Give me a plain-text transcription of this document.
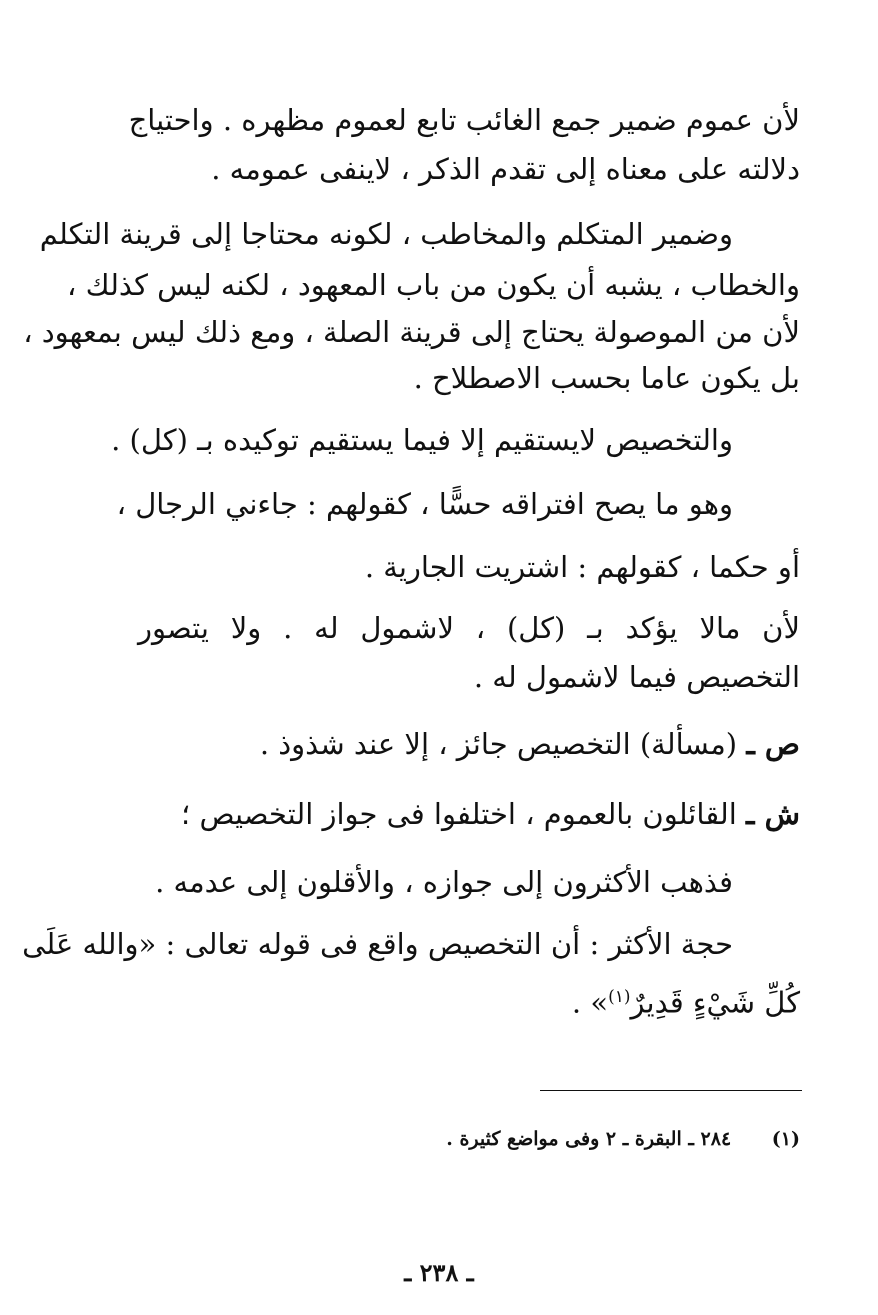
لأن عموم ضمير جمع الغائب تابع لعموم مظهره . واحتياج
دلالته على معناه إلى تقدم الذكر ، لاينفى عمومه .
وضمير المتكلم والمخاطب ، لكونه محتاجا إلى قرينة التكلم
والخطاب ، يشبه أن يكون من باب المعهود ، لكنه ليس كذلك ،
لأن من الموصولة يحتاج إلى قرينة الصلة ، ومع ذلك ليس بمعهود ،
بل يكون عاما بحسب الاصطلاح .
والتخصيص لايستقيم إلا فيما يستقيم توكيده بـ (كل) .
وهو ما يصح افتراقه حسًّا ، كقولهم : جاءني الرجال ،
أو حكما ، كقولهم : اشتريت الجارية .
لأن مالا يؤكد بـ (كل) ، لاشمول له . ولا يتصور
التخصيص فيما لاشمول له .
ص ـ (مسألة) التخصيص جائز ، إلا عند شذوذ .
ش ـ القائلون بالعموم ، اختلفوا فى جواز التخصيص ؛
فذهب الأكثرون إلى جوازه ، والأقلون إلى عدمه .
حجة الأكثر : أن التخصيص واقع فى قوله تعالى : «والله عَلَى
كُلِّ شَيْءٍ قَدِيرٌ$^{(١)}$» .
(١) ٢٨٤ ـ البقرة ـ ٢ وفى مواضع كثيرة .
ـ ٢٣٨ ـ
